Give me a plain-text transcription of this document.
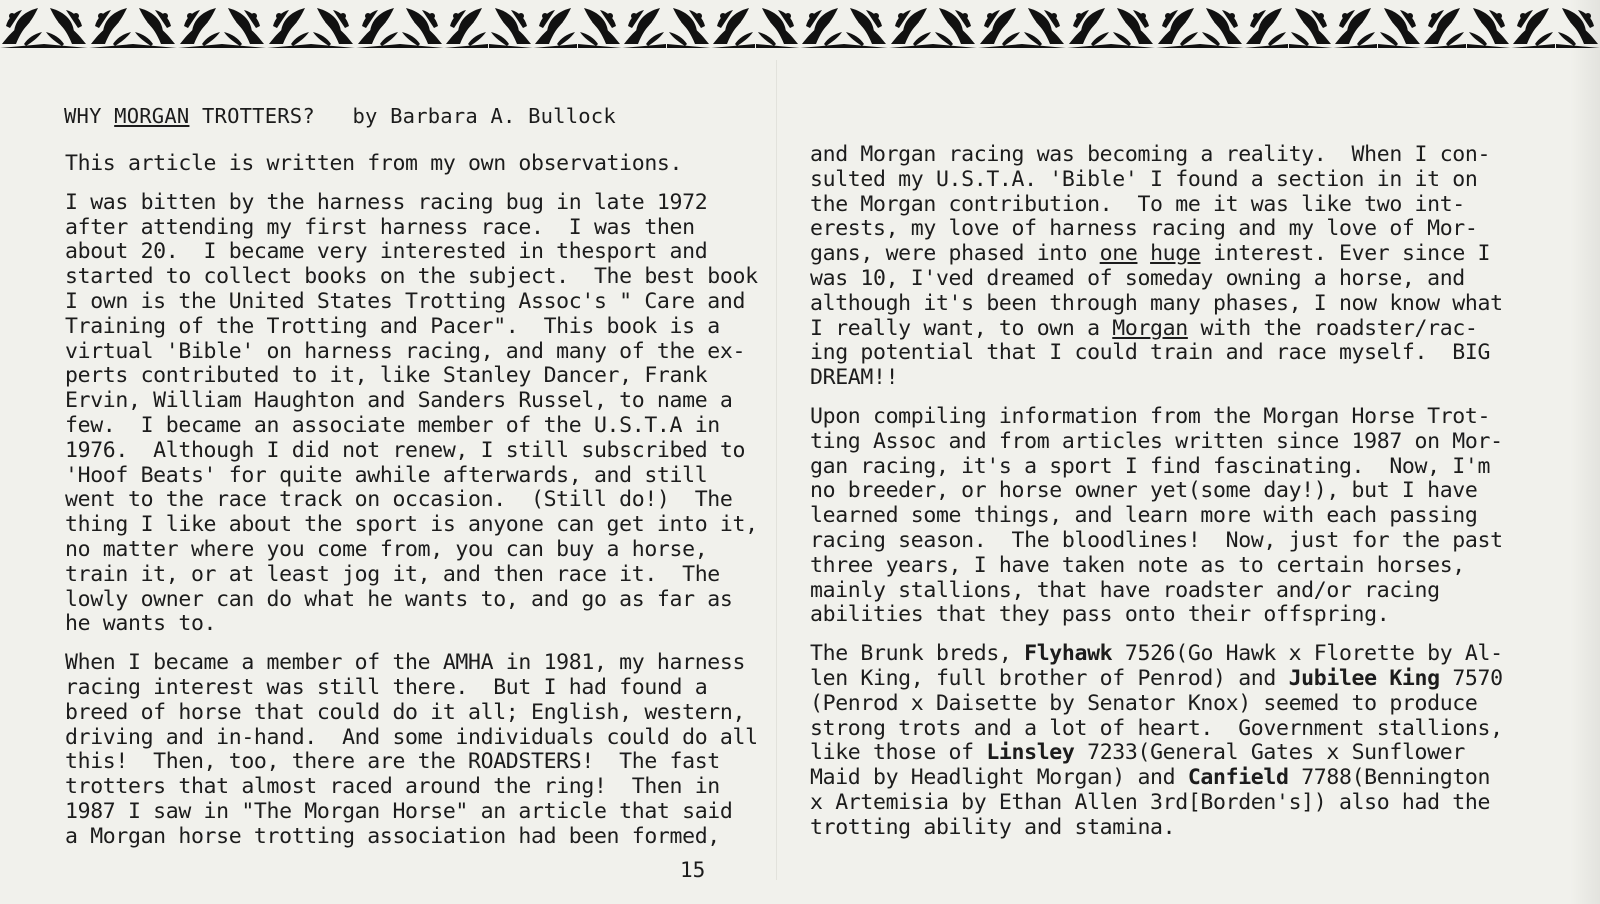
WHY MORGAN TROTTERS?   by Barbara A. Bullock

This article is written from my own observations.

I was bitten by the harness racing bug in late 1972

after attending my first harness race.  I was then

about 20.  I became very interested in thesport and

started to collect books on the subject.  The best book

I own is the United States Trotting Assoc's " Care and

Training of the Trotting and Pacer".  This book is a

virtual 'Bible' on harness racing, and many of the ex-

perts contributed to it, like Stanley Dancer, Frank

Ervin, William Haughton and Sanders Russel, to name a

few.  I became an associate member of the U.S.T.A in

1976.  Although I did not renew, I still subscribed to

'Hoof Beats' for quite awhile afterwards, and still

went to the race track on occasion.  (Still do!)  The

thing I like about the sport is anyone can get into it,

no matter where you come from, you can buy a horse,

train it, or at least jog it, and then race it.  The

lowly owner can do what he wants to, and go as far as

he wants to.

When I became a member of the AMHA in 1981, my harness

racing interest was still there.  But I had found a

breed of horse that could do it all; English, western,

driving and in-hand.  And some individuals could do all

this!  Then, too, there are the ROADSTERS!  The fast

trotters that almost raced around the ring!  Then in

1987 I saw in "The Morgan Horse" an article that said

a Morgan horse trotting association had been formed,

and Morgan racing was becoming a reality.  When I con-

sulted my U.S.T.A. 'Bible' I found a section in it on

the Morgan contribution.  To me it was like two int-

erests, my love of harness racing and my love of Mor-

gans, were phased into one huge interest. Ever since I

was 10, I'ved dreamed of someday owning a horse, and

although it's been through many phases, I now know what

I really want, to own a Morgan with the roadster/rac-

ing potential that I could train and race myself.  BIG

DREAM!!

Upon compiling information from the Morgan Horse Trot-

ting Assoc and from articles written since 1987 on Mor-

gan racing, it's a sport I find fascinating.  Now, I'm

no breeder, or horse owner yet(some day!), but I have

learned some things, and learn more with each passing

racing season.  The bloodlines!  Now, just for the past

three years, I have taken note as to certain horses,

mainly stallions, that have roadster and/or racing

abilities that they pass onto their offspring.

The Brunk breds, Flyhawk 7526(Go Hawk x Florette by Al-

len King, full brother of Penrod) and Jubilee King 7570

(Penrod x Daisette by Senator Knox) seemed to produce

strong trots and a lot of heart.  Government stallions,

like those of Linsley 7233(General Gates x Sunflower

Maid by Headlight Morgan) and Canfield 7788(Bennington

x Artemisia by Ethan Allen 3rd[Borden's]) also had the

trotting ability and stamina.

15
